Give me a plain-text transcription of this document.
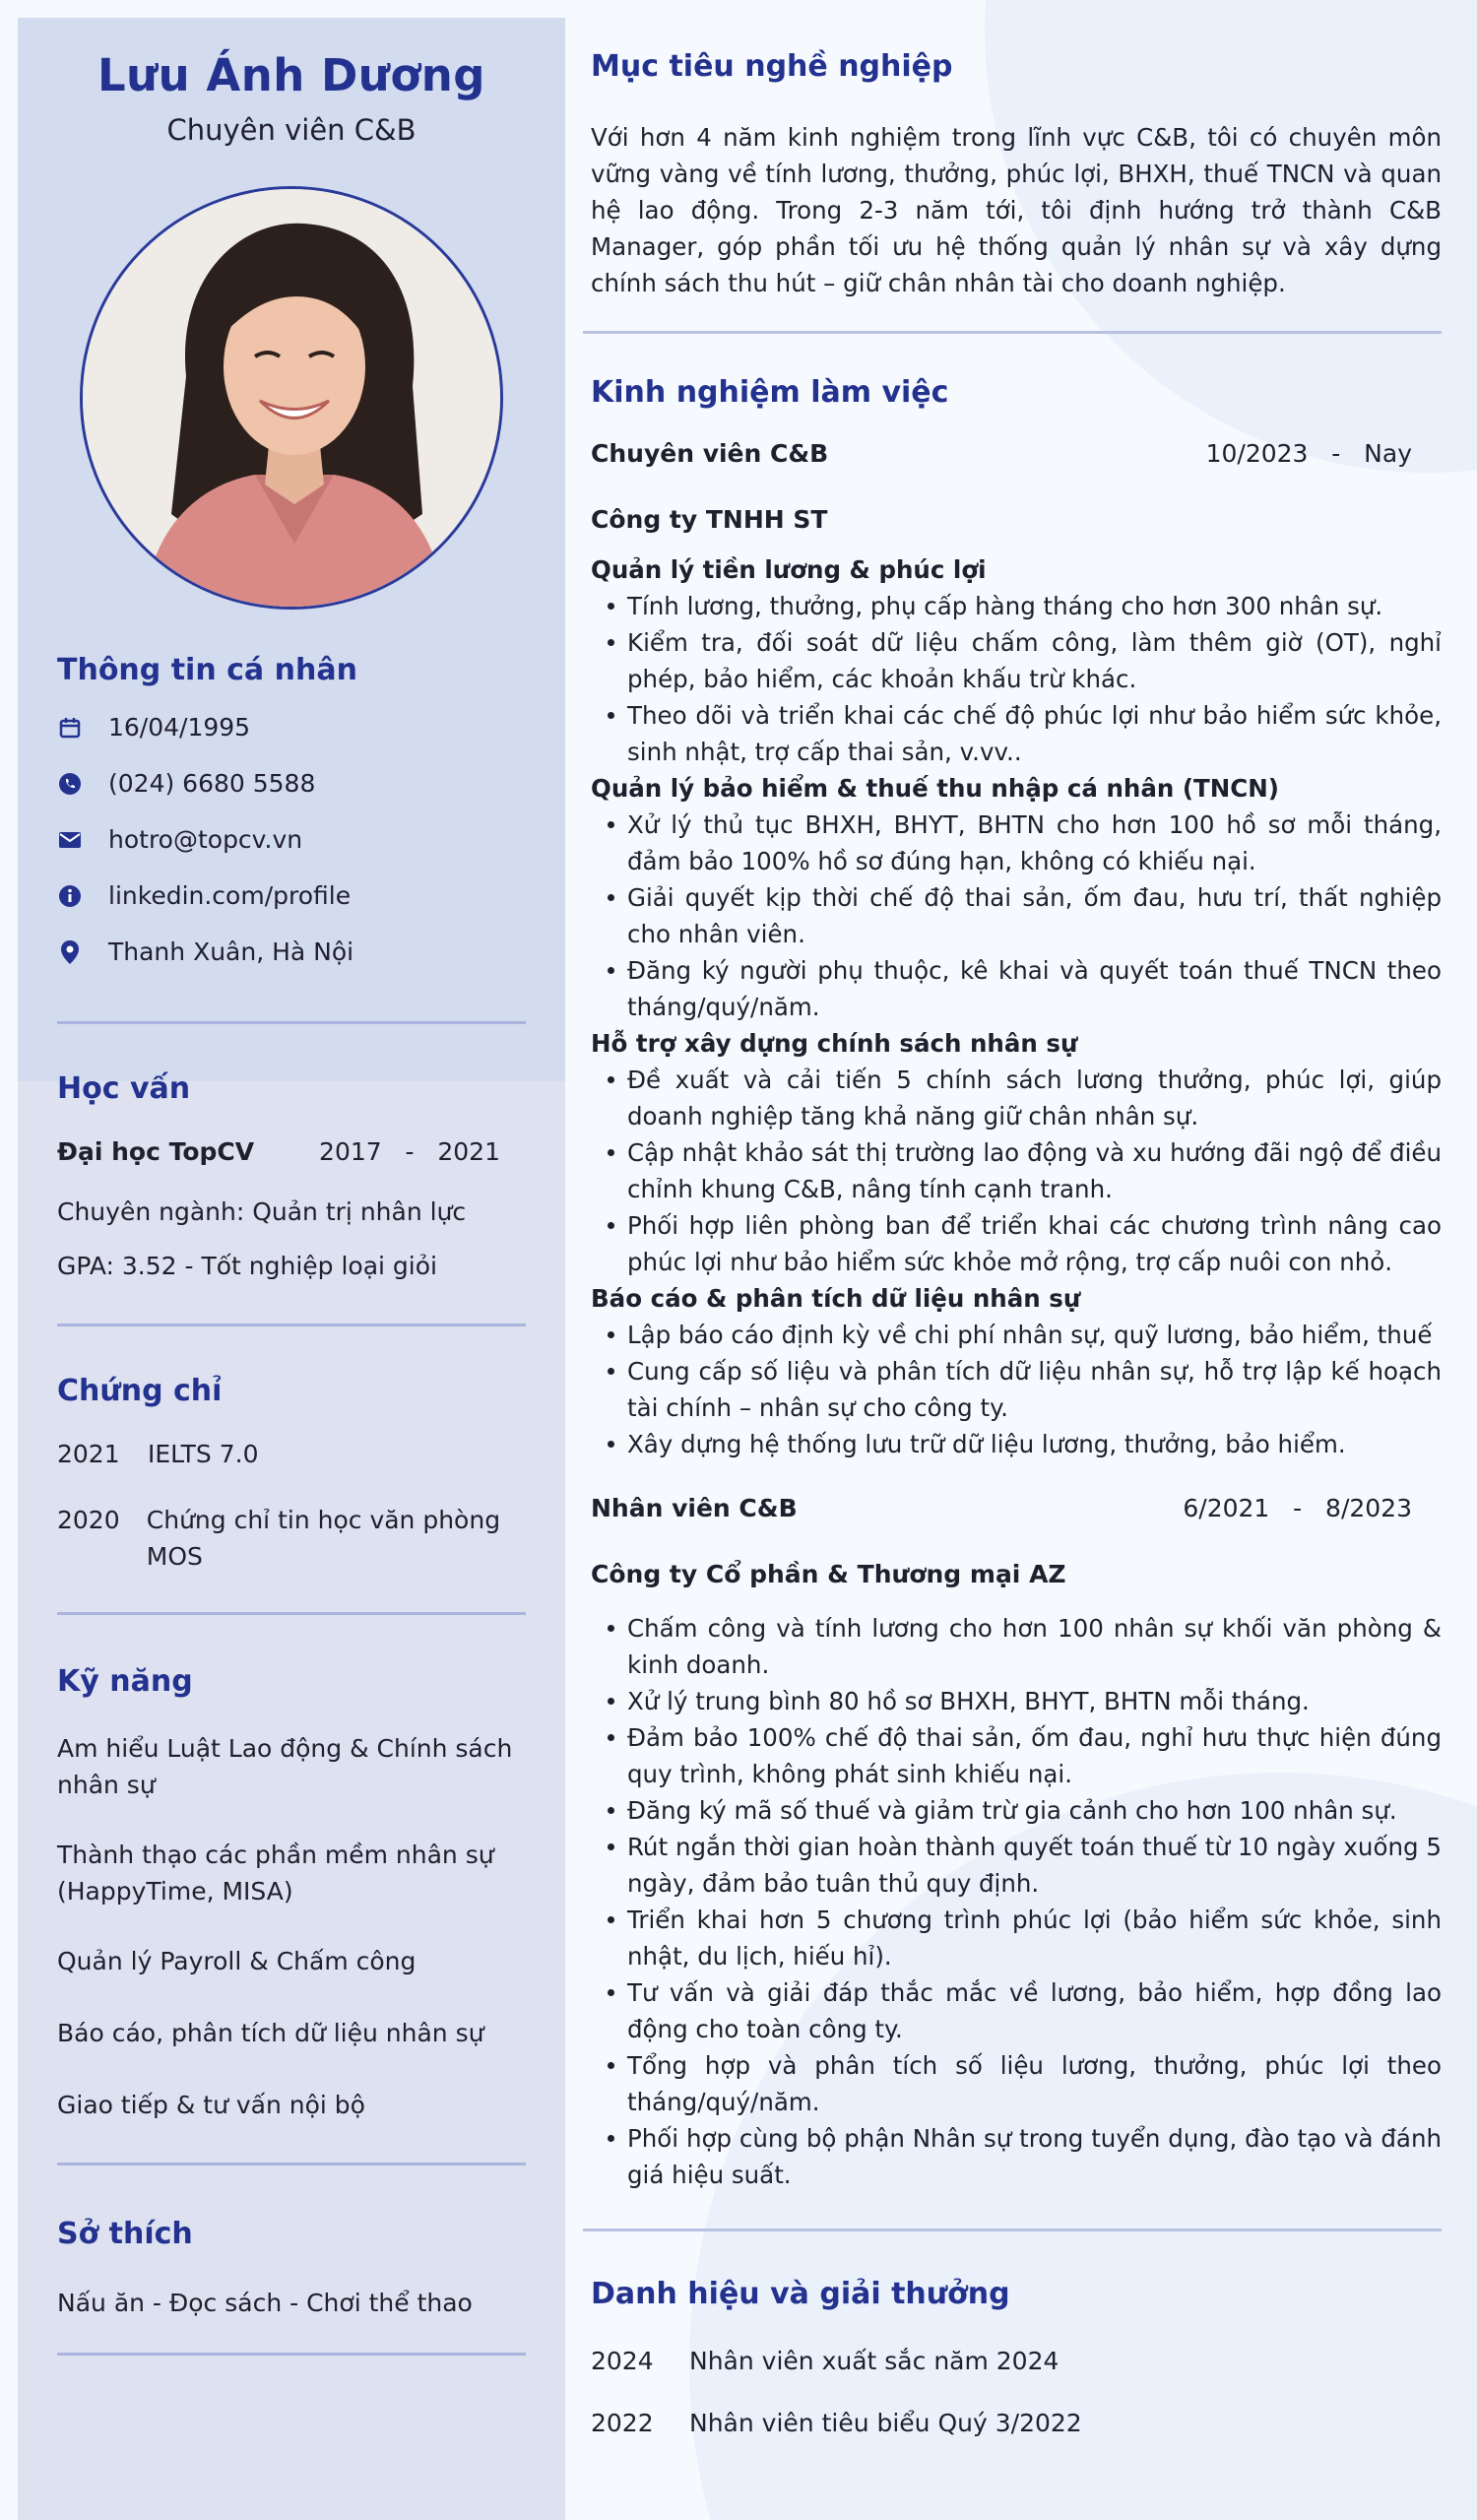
Lưu Ánh Dương
Chuyên viên C&B
Thông tin cá nhân
16/04/1995
(024) 6680 5588
hotro@topcv.vn
linkedin.com/profile
Thanh Xuân, Hà Nội
Học vấn
Đại học TopCV	2017   -   2021
Chuyên ngành: Quản trị nhân lực
GPA: 3.52 - Tốt nghiệp loại giỏi
Chứng chỉ
2021	IELTS 7.0
2020	Chứng chỉ tin học văn phòng MOS
Kỹ năng
Am hiểu Luật Lao động & Chính sách nhân sự
Thành thạo các phần mềm nhân sự (HappyTime, MISA)
Quản lý Payroll & Chấm công
Báo cáo, phân tích dữ liệu nhân sự
Giao tiếp & tư vấn nội bộ
Sở thích
Nấu ăn - Đọc sách - Chơi thể thao
Mục tiêu nghề nghiệp
Với hơn 4 năm kinh nghiệm trong lĩnh vực C&B, tôi có chuyên môn vững vàng về tính lương, thưởng, phúc lợi, BHXH, thuế TNCN và quan hệ lao động. Trong 2-3 năm tới, tôi định hướng trở thành C&B Manager, góp phần tối ưu hệ thống quản lý nhân sự và xây dựng chính sách thu hút – giữ chân nhân tài cho doanh nghiệp.
Kinh nghiệm làm việc
Chuyên viên C&B	10/2023   -   Nay
Công ty TNHH ST
Quản lý tiền lương & phúc lợi
Tính lương, thưởng, phụ cấp hàng tháng cho hơn 300 nhân sự.
Kiểm tra, đối soát dữ liệu chấm công, làm thêm giờ (OT), nghỉ phép, bảo hiểm, các khoản khấu trừ khác.
Theo dõi và triển khai các chế độ phúc lợi như bảo hiểm sức khỏe, sinh nhật, trợ cấp thai sản, v.vv..
Quản lý bảo hiểm & thuế thu nhập cá nhân (TNCN)
Xử lý thủ tục BHXH, BHYT, BHTN cho hơn 100 hồ sơ mỗi tháng, đảm bảo 100% hồ sơ đúng hạn, không có khiếu nại.
Giải quyết kịp thời chế độ thai sản, ốm đau, hưu trí, thất nghiệp cho nhân viên.
Đăng ký người phụ thuộc, kê khai và quyết toán thuế TNCN theo tháng/quý/năm.
Hỗ trợ xây dựng chính sách nhân sự
Đề xuất và cải tiến 5 chính sách lương thưởng, phúc lợi, giúp doanh nghiệp tăng khả năng giữ chân nhân sự.
Cập nhật khảo sát thị trường lao động và xu hướng đãi ngộ để điều chỉnh khung C&B, nâng tính cạnh tranh.
Phối hợp liên phòng ban để triển khai các chương trình nâng cao phúc lợi như bảo hiểm sức khỏe mở rộng, trợ cấp nuôi con nhỏ.
Báo cáo & phân tích dữ liệu nhân sự
Lập báo cáo định kỳ về chi phí nhân sự, quỹ lương, bảo hiểm, thuế
Cung cấp số liệu và phân tích dữ liệu nhân sự, hỗ trợ lập kế hoạch tài chính – nhân sự cho công ty.
Xây dựng hệ thống lưu trữ dữ liệu lương, thưởng, bảo hiểm.
Nhân viên C&B	6/2021   -   8/2023
Công ty Cổ phần & Thương mại AZ
Chấm công và tính lương cho hơn 100 nhân sự khối văn phòng & kinh doanh.
Xử lý trung bình 80 hồ sơ BHXH, BHYT, BHTN mỗi tháng.
Đảm bảo 100% chế độ thai sản, ốm đau, nghỉ hưu thực hiện đúng quy trình, không phát sinh khiếu nại.
Đăng ký mã số thuế và giảm trừ gia cảnh cho hơn 100 nhân sự.
Rút ngắn thời gian hoàn thành quyết toán thuế từ 10 ngày xuống 5 ngày, đảm bảo tuân thủ quy định.
Triển khai hơn 5 chương trình phúc lợi (bảo hiểm sức khỏe, sinh nhật, du lịch, hiếu hỉ).
Tư vấn và giải đáp thắc mắc về lương, bảo hiểm, hợp đồng lao động cho toàn công ty.
Tổng hợp và phân tích số liệu lương, thưởng, phúc lợi theo tháng/quý/năm.
Phối hợp cùng bộ phận Nhân sự trong tuyển dụng, đào tạo và đánh giá hiệu suất.
Danh hiệu và giải thưởng
2024	Nhân viên xuất sắc năm 2024
2022	Nhân viên tiêu biểu Quý 3/2022
